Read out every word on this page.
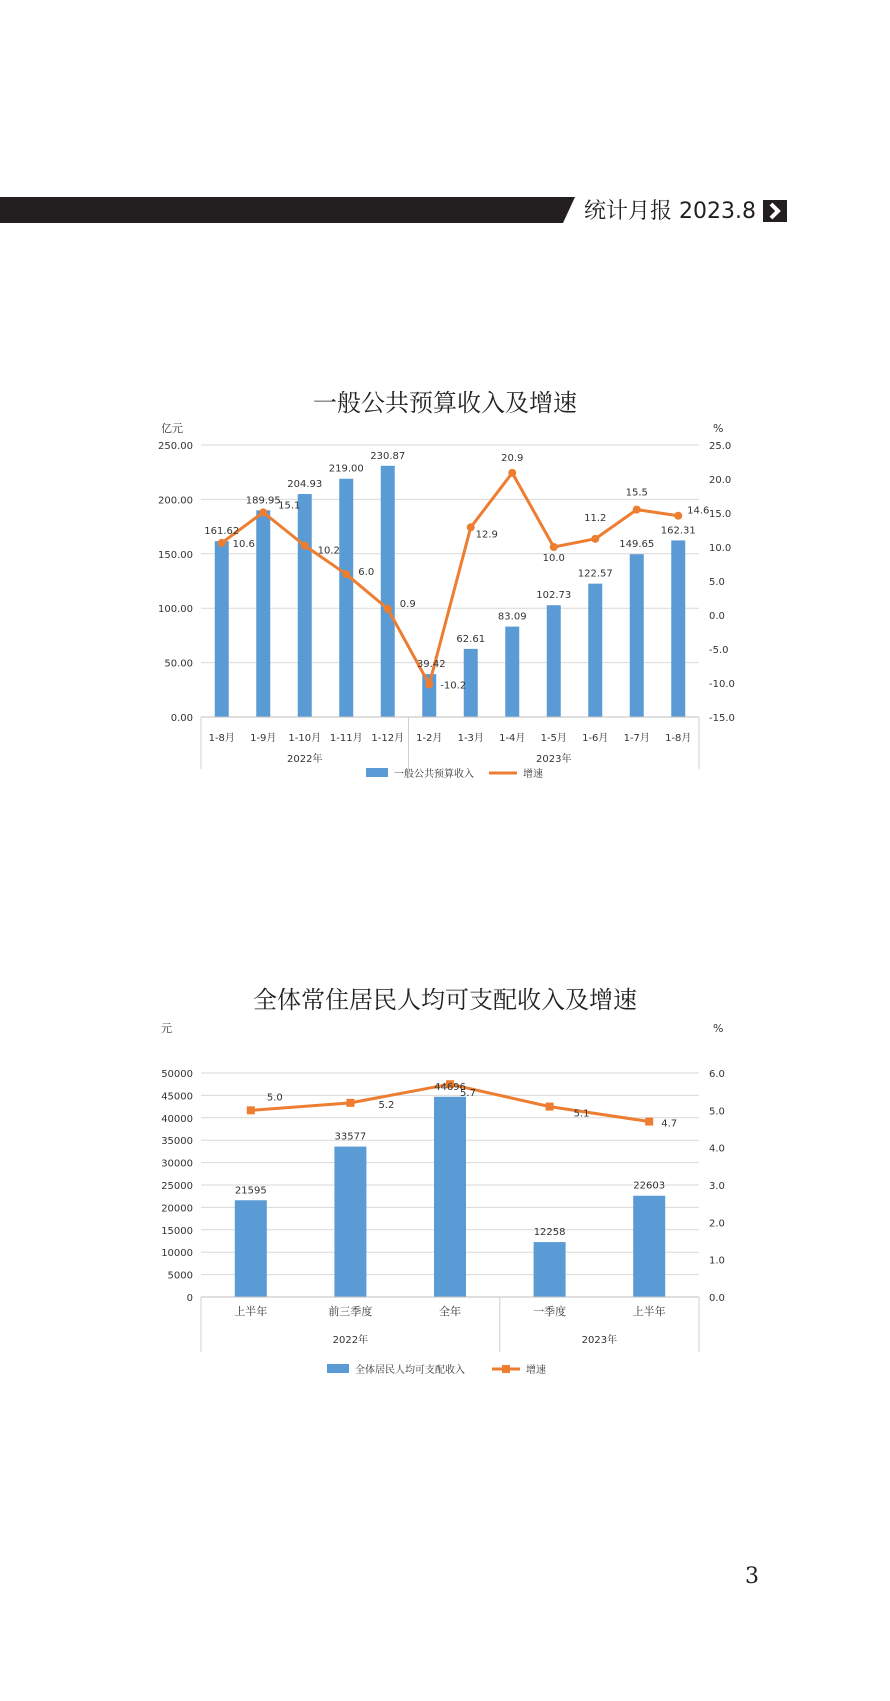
统计月报 2023.8
一般公共预算收入及增速
0.00
50.00
100.00
150.00
200.00
250.00
-15.0
-10.0
-5.0
0.0
5.0
10.0
15.0
20.0
25.0
亿元	%
1-8月 1-9月 1-10月 1-11月 1-12月 1-2月 1-3月 1-4月 1-5月 1-6月 1-7月 1-8月
2022年	2023年
161.62
189.95
204.93
219.00
230.87
39.42
62.61
83.09
102.73
122.57
149.65
162.31
10.6
15.1
10.2
6.0
0.9
-10.2
12.9
20.9
10.0
11.2
15.5
14.6
一般公共预算收入	增速
全体常住居民人均可支配收入及增速
0
5000
10000
15000
20000
25000
30000
35000
40000
45000
50000
0.0
1.0
2.0
3.0
4.0
5.0
6.0
元	%
上半年	前三季度	全年	一季度	上半年
2022年	2023年
21595
33577
44696
12258
22603
5.0
5.2
5.7
5.1
4.7
全体居民人均可支配收入	增速
3
